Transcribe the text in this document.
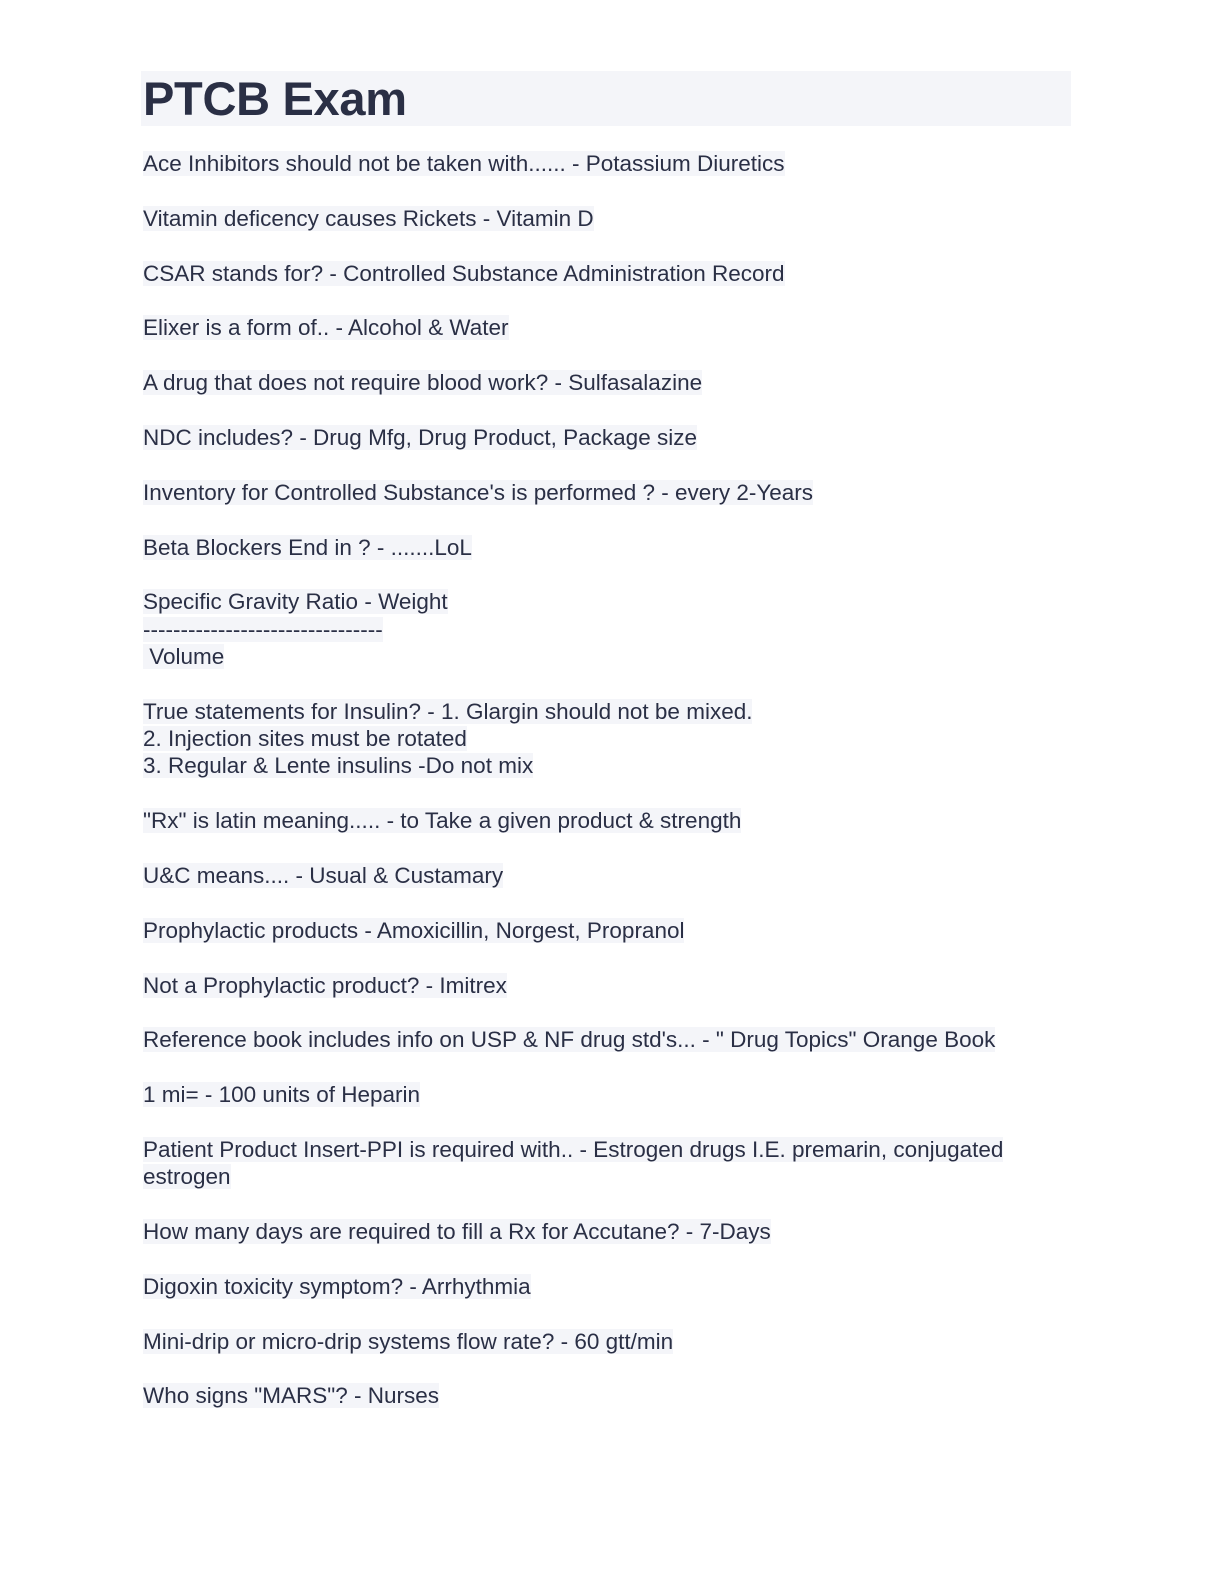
PTCB Exam
Ace Inhibitors should not be taken with...... - Potassium Diuretics
Vitamin deficency causes Rickets - Vitamin D
CSAR stands for? - Controlled Substance Administration Record
Elixer is a form of.. - Alcohol & Water
A drug that does not require blood work? - Sulfasalazine
NDC includes? - Drug Mfg, Drug Product, Package size
Inventory for Controlled Substance's is performed ? - every 2-Years
Beta Blockers End in ? - .......LoL
Specific Gravity Ratio - Weight
--------------------------------
Volume
True statements for Insulin? - 1. Glargin should not be mixed.
2. Injection sites must be rotated
3. Regular & Lente insulins -Do not mix
"Rx" is latin meaning..... - to Take a given product & strength
U&C means.... - Usual & Custamary
Prophylactic products - Amoxicillin, Norgest, Propranol
Not a Prophylactic product? - Imitrex
Reference book includes info on USP & NF drug std's... - " Drug Topics" Orange Book
1 mi= - 100 units of Heparin
Patient Product Insert-PPI is required with.. - Estrogen drugs I.E. premarin, conjugated estrogen
How many days are required to fill a Rx for Accutane? - 7-Days
Digoxin toxicity symptom? - Arrhythmia
Mini-drip or micro-drip systems flow rate? - 60 gtt/min
Who signs "MARS"? - Nurses
